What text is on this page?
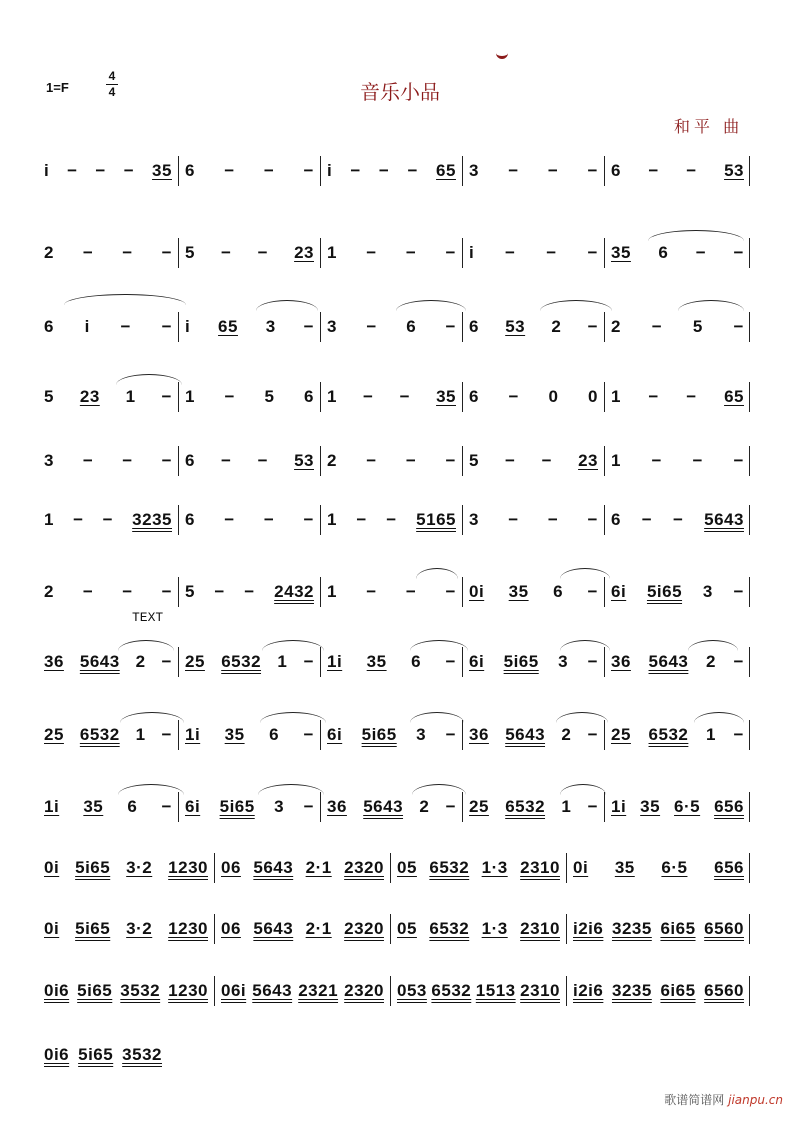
1=F
4
4	音乐小品
和平 曲
TEXT
i − − − 35 6 − − − i − − − 65 3 − − − 6 − − 53
2 − − − 5 − − 23 1 − − − i − − − 35 6 − −
6 i − − i 65 3 − 3 − 6 − 6 53 2 − 2 − 5 −
5 23 1 − 1 − 5 6 1 − − 35 6 − 0 0 1 − − 65
3 − − − 6 − − 53 2 − − − 5 − − 23 1 − − −
1 − − 3235 6 − − − 1 − − 5165 3 − − − 6 − − 5643
2 − − − 5 − − 2432 1 − − − 0i 35 6 − 6i 5i65 3 −
36 5643 2 − 25 6532 1 − 1i 35 6 − 6i 5i65 3 − 36 5643 2 −
25 6532 1 − 1i 35 6 − 6i 5i65 3 − 36 5643 2 − 25 6532 1 −
1i 35 6 − 6i 5i65 3 − 36 5643 2 − 25 6532 1 − 1i 35 6·5 656
0i 5i65 3·2 1230 06 5643 2·1 2320 05 6532 1·3 2310 0i 35 6·5 656
0i 5i65 3·2 1230 06 5643 2·1 2320 05 6532 1·3 2310 i2i6 3235 6i65 6560
0i6 5i65 3532 1230 06i 5643 2321 2320 053 6532 1513 2310 i2i6 3235 6i65 6560
0i6 5i65 3532
歌谱简谱网 jianpu.cn
